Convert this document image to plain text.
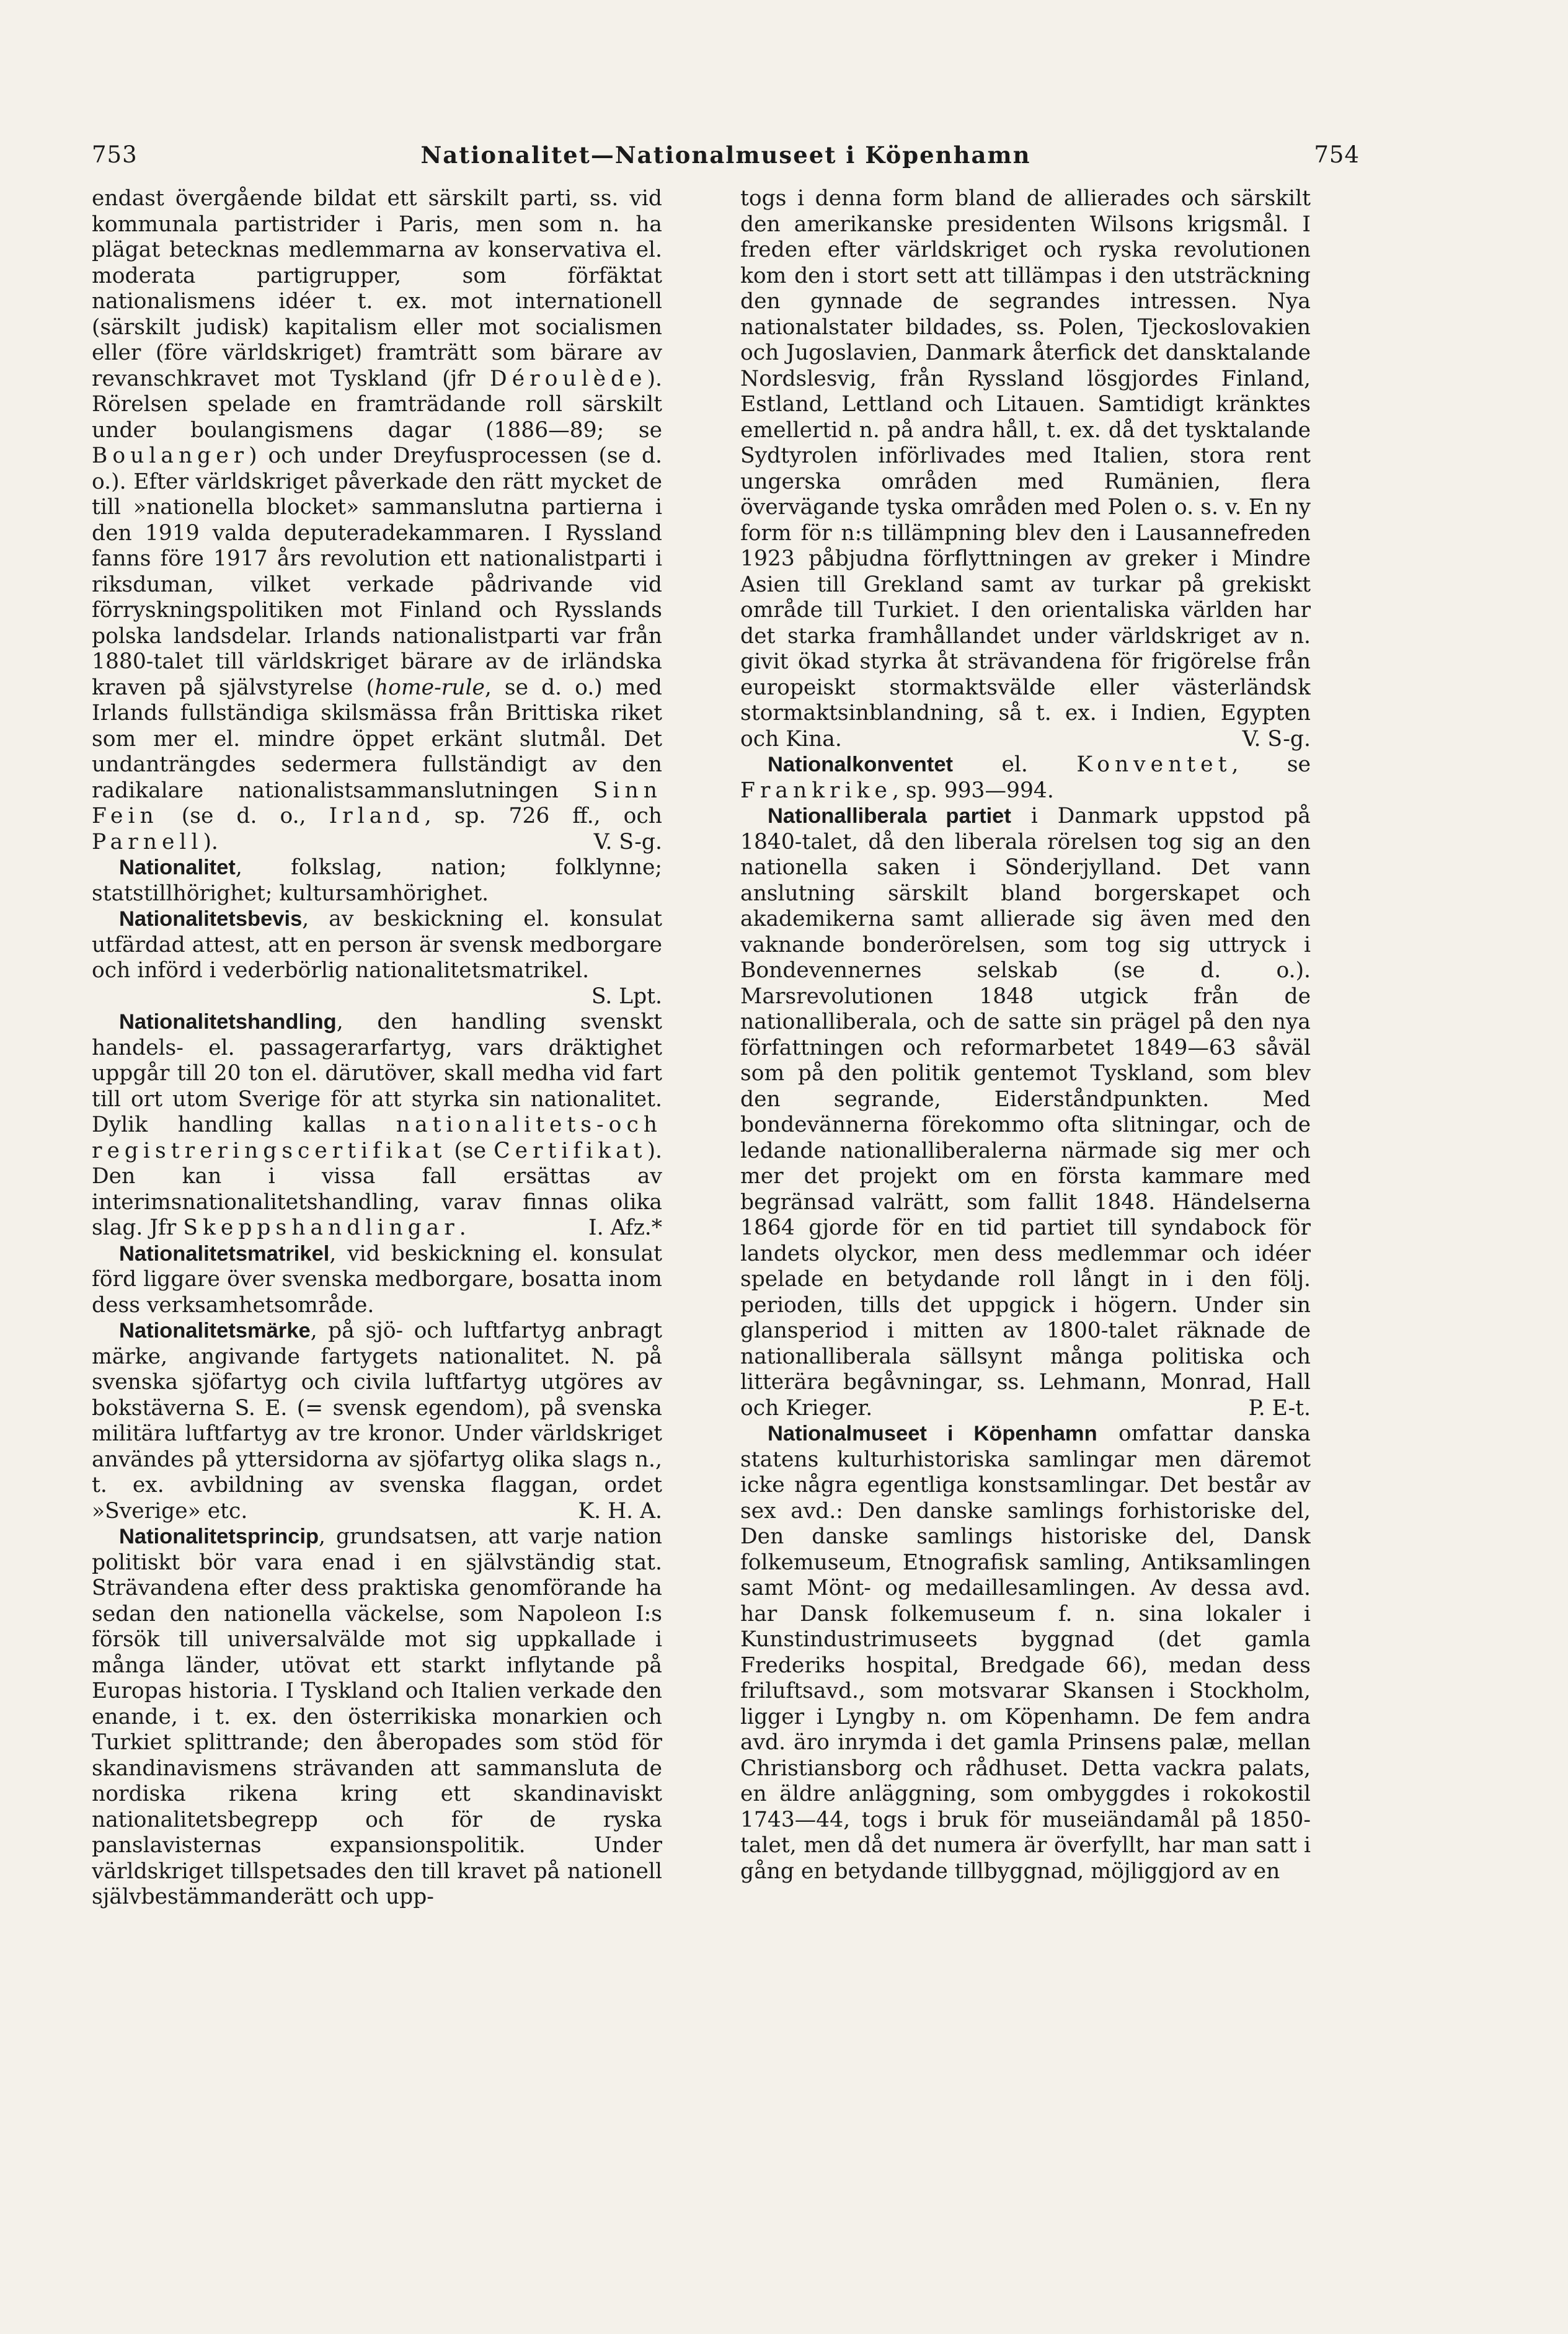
753	Nationalitet—Nationalmuseet i Köpenhamn	754

endast övergående bildat ett särskilt parti, ss. vid kommunala partistrider i Paris, men som n. ha plägat betecknas medlemmarna av konservativa el. moderata partigrupper, som förfäktat nationalismens idéer t. ex. mot internationell (särskilt judisk) kapitalism eller mot socialismen eller (före världskriget) framträtt som bärare av revanschkravet mot Tyskland (jfr Déroulède). Rörelsen spelade en framträdande roll särskilt under boulangismens dagar (1886—89; se Boulanger) och under Dreyfusprocessen (se d. o.). Efter världskriget påverkade den rätt mycket de till »nationella blocket» sammanslutna partierna i den 1919 valda deputeradekammaren. I Ryssland fanns före 1917 års revolution ett nationalistparti i riksduman, vilket verkade pådrivande vid förryskningspolitiken mot Finland och Rysslands polska landsdelar. Irlands nationalistparti var från 1880-talet till världskriget bärare av de irländska kraven på självstyrelse (home-rule, se d. o.) med Irlands fullständiga skilsmässa från Brittiska riket som mer el. mindre öppet erkänt slutmål. Det undanträngdes sedermera fullständigt av den radikalare nationalistsammanslutningen Sinn Fein (se d. o., Irland, sp. 726 ff., och Parnell).	V. S-g.

Nationalitet, folkslag, nation; folklynne; statstillhörighet; kultursamhörighet.

Nationalitetsbevis, av beskickning el. konsulat utfärdad attest, att en person är svensk medborgare och införd i vederbörlig nationalitetsmatrikel.
S. Lpt.

Nationalitetshandling, den handling svenskt handels- el. passagerarfartyg, vars dräktighet uppgår till 20 ton el. därutöver, skall medha vid fart till ort utom Sverige för att styrka sin nationalitet. Dylik handling kallas nationalitets-och registreringscertifikat (se Certifikat). Den kan i vissa fall ersättas av interimsnationalitetshandling, varav finnas olika slag. Jfr Skeppshandlingar.	I. Afz.*

Nationalitetsmatrikel, vid beskickning el. konsulat förd liggare över svenska medborgare, bosatta inom dess verksamhetsområde.

Nationalitetsmärke, på sjö- och luftfartyg anbragt märke, angivande fartygets nationalitet. N. på svenska sjöfartyg och civila luftfartyg utgöres av bokstäverna S. E. (= svensk egendom), på svenska militära luftfartyg av tre kronor. Under världskriget användes på yttersidorna av sjöfartyg olika slags n., t. ex. avbildning av svenska flaggan, ordet »Sverige» etc.	K. H. A.

Nationalitetsprincip, grundsatsen, att varje nation politiskt bör vara enad i en självständig stat. Strävandena efter dess praktiska genomförande ha sedan den nationella väckelse, som Napoleon I:s försök till universalvälde mot sig uppkallade i många länder, utövat ett starkt inflytande på Europas historia. I Tyskland och Italien verkade den enande, i t. ex. den österrikiska monarkien och Turkiet splittrande; den åberopades som stöd för skandinavismens strävanden att sammansluta de nordiska rikena kring ett skandinaviskt nationalitetsbegrepp och för de ryska panslavisternas expansionspolitik. Under världskriget tillspetsades den till kravet på nationell självbestämmanderätt och upp-

togs i denna form bland de allierades och särskilt den amerikanske presidenten Wilsons krigsmål. I freden efter världskriget och ryska revolutionen kom den i stort sett att tillämpas i den utsträckning den gynnade de segrandes intressen. Nya nationalstater bildades, ss. Polen, Tjeckoslovakien och Jugoslavien, Danmark återfick det dansktalande Nordslesvig, från Ryssland lösgjordes Finland, Estland, Lettland och Litauen. Samtidigt kränktes emellertid n. på andra håll, t. ex. då det tysktalande Sydtyrolen införlivades med Italien, stora rent ungerska områden med Rumänien, flera övervägande tyska områden med Polen o. s. v. En ny form för n:s tillämpning blev den i Lausannefreden 1923 påbjudna förflyttningen av greker i Mindre Asien till Grekland samt av turkar på grekiskt område till Turkiet. I den orientaliska världen har det starka framhållandet under världskriget av n. givit ökad styrka åt strävandena för frigörelse från europeiskt stormaktsvälde eller västerländsk stormaktsinblandning, så t. ex. i Indien, Egypten och Kina.	V. S-g.

Nationalkonventet el. Konventet, se Frankrike, sp. 993—994.

Nationalliberala partiet i Danmark uppstod på 1840-talet, då den liberala rörelsen tog sig an den nationella saken i Sönderjylland. Det vann anslutning särskilt bland borgerskapet och akademikerna samt allierade sig även med den vaknande bonderörelsen, som tog sig uttryck i Bondevennernes selskab (se d. o.). Marsrevolutionen 1848 utgick från de nationalliberala, och de satte sin prägel på den nya författningen och reformarbetet 1849—63 såväl som på den politik gentemot Tyskland, som blev den segrande, Eiderståndpunkten. Med bondevännerna förekommo ofta slitningar, och de ledande nationalliberalerna närmade sig mer och mer det projekt om en första kammare med begränsad valrätt, som fallit 1848. Händelserna 1864 gjorde för en tid partiet till syndabock för landets olyckor, men dess medlemmar och idéer spelade en betydande roll långt in i den följ. perioden, tills det uppgick i högern. Under sin glansperiod i mitten av 1800-talet räknade de nationalliberala sällsynt många politiska och litterära begåvningar, ss. Lehmann, Monrad, Hall och Krieger.	P. E-t.

Nationalmuseet i Köpenhamn omfattar danska statens kulturhistoriska samlingar men däremot icke några egentliga konstsamlingar. Det består av sex avd.: Den danske samlings forhistoriske del, Den danske samlings historiske del, Dansk folkemuseum, Etnografisk samling, Antiksamlingen samt Mönt- og medaillesamlingen. Av dessa avd. har Dansk folkemuseum f. n. sina lokaler i Kunstindustrimuseets byggnad (det gamla Frederiks hospital, Bredgade 66), medan dess friluftsavd., som motsvarar Skansen i Stockholm, ligger i Lyngby n. om Köpenhamn. De fem andra avd. äro inrymda i det gamla Prinsens palæ, mellan Christiansborg och rådhuset. Detta vackra palats, en äldre anläggning, som ombyggdes i rokokostil 1743—44, togs i bruk för museiändamål på 1850-talet, men då det numera är överfyllt, har man satt i gång en betydande tillbyggnad, möjliggjord av en
